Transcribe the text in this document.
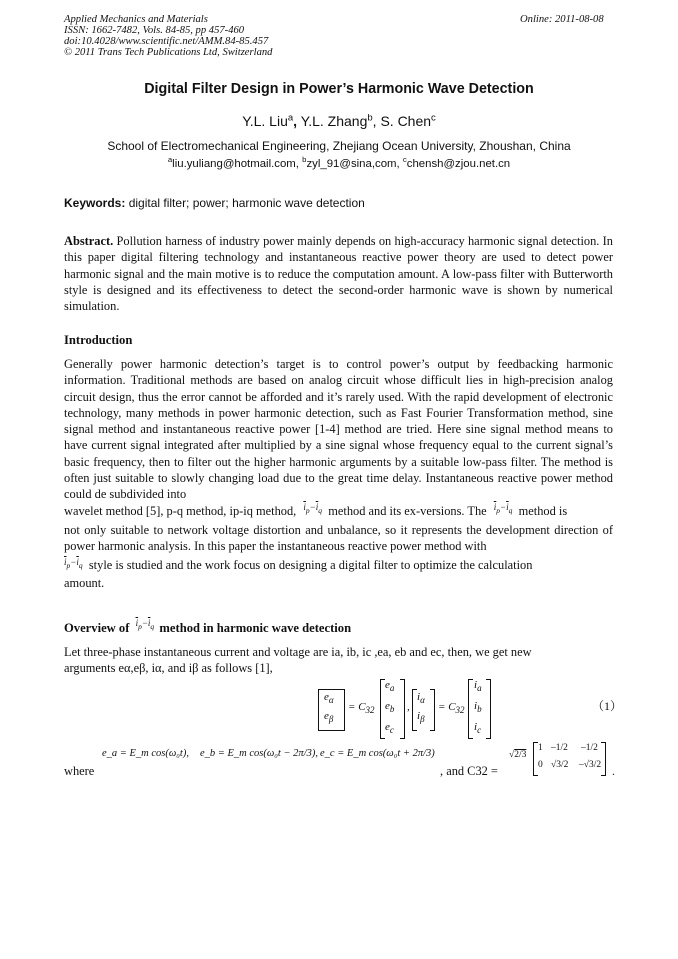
Applied Mechanics and Materials
ISSN: 1662-7482, Vols. 84-85, pp 457-460
doi:10.4028/www.scientific.net/AMM.84-85.457
© 2011 Trans Tech Publications Ltd, Switzerland
Online: 2011-08-08
Digital Filter Design in Power’s Harmonic Wave Detection
Y.L. Liu$^a$, Y.L. Zhang$^b$, S. Chen$^c$
School of Electromechanical Engineering, Zhejiang Ocean University, Zhoushan, China
$^a$liu.yuliang@hotmail.com, $^b$zyl_91@sina,com, $^c$chensh@zjou.net.cn
Keywords: digital filter; power; harmonic wave detection
Abstract. Pollution harness of industry power mainly depends on high-accuracy harmonic signal detection. In this paper digital filtering technology and instantaneous reactive power theory are used to detect power harmonic signal and the main motive is to reduce the computation amount. A low-pass filter with Butterworth style is designed and its effectiveness to detect the second-order harmonic wave is shown by numerical simulation.
Introduction
Generally power harmonic detection’s target is to control power’s output by feedbacking harmonic information. Traditional methods are based on analog circuit whose difficult lies in high-precision analog circuit design, thus the error cannot be afforded and it’s rarely used. With the rapid development of electronic technology, many methods in power harmonic detection, such as Fast Fourier Transformation method, sine signal method and instantaneous reactive power [1-4] method are tried. Here sine signal method means to have current signal integrated after multiplied by a sine signal whose frequency equal to the current signal’s basic frequency, then to filter out the higher harmonic arguments by a suitable low-pass filter. The method is often just suitable to slowly changing load due to the great time delay. Instantaneous reactive power method could de subdivided into
wavelet method [5], p-q method, ip-iq method, $^{\overline{i}_p-\overline{i}_q}$ method and its ex-versions. The $^{\overline{i}_p-\overline{i}_q}$ method is
not only suitable to network voltage distortion and unbalance, so it represents the development direction of power harmonic analysis. In this paper the instantaneous reactive power method with
$^{\overline{i}_p-\overline{i}_q}$ style is studied and the work focus on designing a digital filter to optimize the calculation
amount.
Overview of $^{\overline{i}_p-\overline{i}_q}$ method in harmonic wave detection
Let three-phase instantaneous current and voltage are ia, ib, ic ,ea, eb and ec, then, we get new
arguments eα,eβ, iα, and iβ as follows [1],
$e_\alpha$
$e_\beta$
= $C_{32}$
$e_a$
$e_b$
$e_c$
,
$i_\alpha$
$i_\beta$
= $C_{32}$
$i_a$
$i_b$
$i_c$
（1）
where
e_a = E_m cos(ω₀t), e_b = E_m cos(ω₀t − 2π/3), e_c = E_m cos(ω₀t + 2π/3)
, and C32 =
√2/3
1 –1/2 –1/2
0 √3/2 –√3/2 .
